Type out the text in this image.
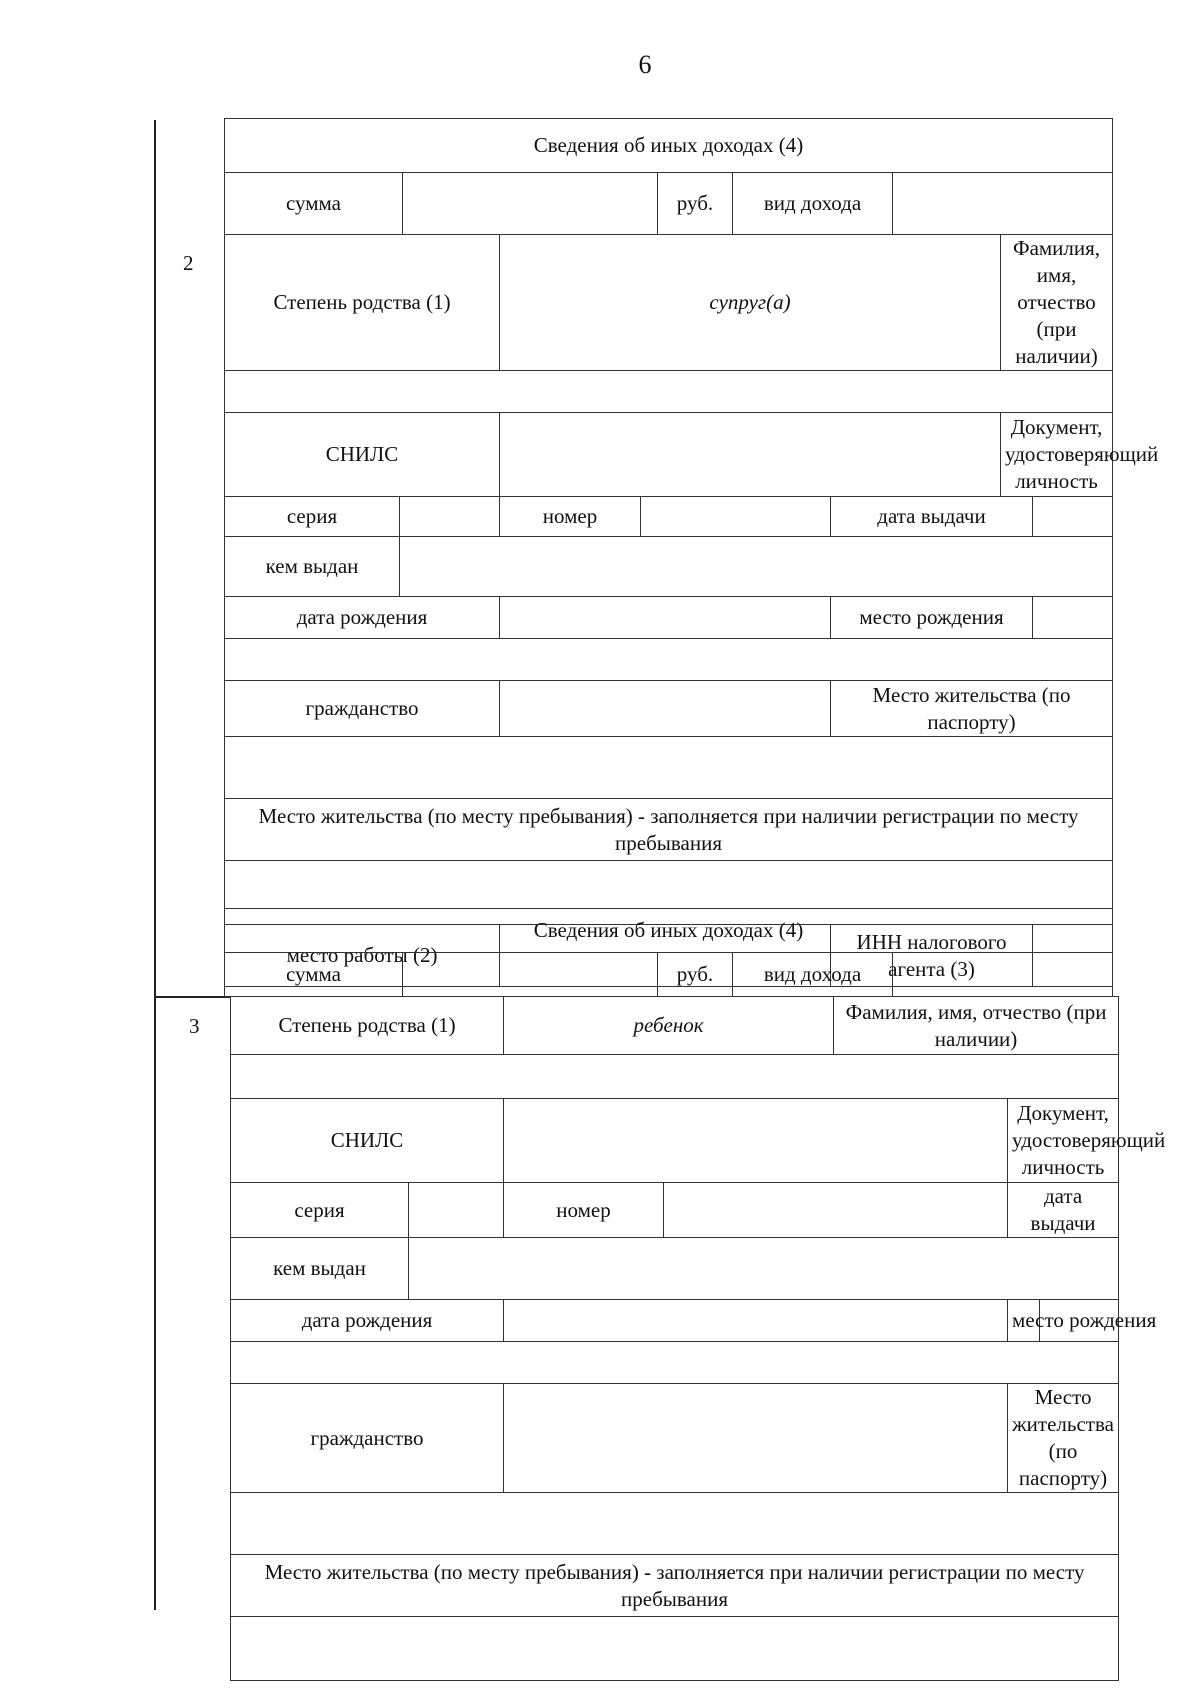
6
2
3
Сведения об иных доходах (4)
сумма		руб.	вид дохода	
Степень родства (1)		супруг(а)			Фамилия, имя, отчество (при наличии)	

СНИЛС					Документ, удостоверяющий личность	
серия		номер		дата выдачи		
кем выдан						
дата рождения				место рождения		

гражданство				Место жительства (по паспорту)		

Место жительства (по месту пребывания) - заполняется при наличии регистрации по месту пребывания						

место работы (2)				ИНН налогового агента (3)		
Сведения об иных доходах (4)
сумма		руб.	вид дохода	
Степень родства (1)		ребенок		Фамилия, имя, отчество (при наличии)		

СНИЛС					Документ, удостоверяющий личность	
серия		номер			дата выдачи	
кем выдан						
дата рождения					место рождения	

гражданство					Место жительства (по паспорту)	

Место жительства (по месту пребывания) - заполняется при наличии регистрации по месту пребывания						
